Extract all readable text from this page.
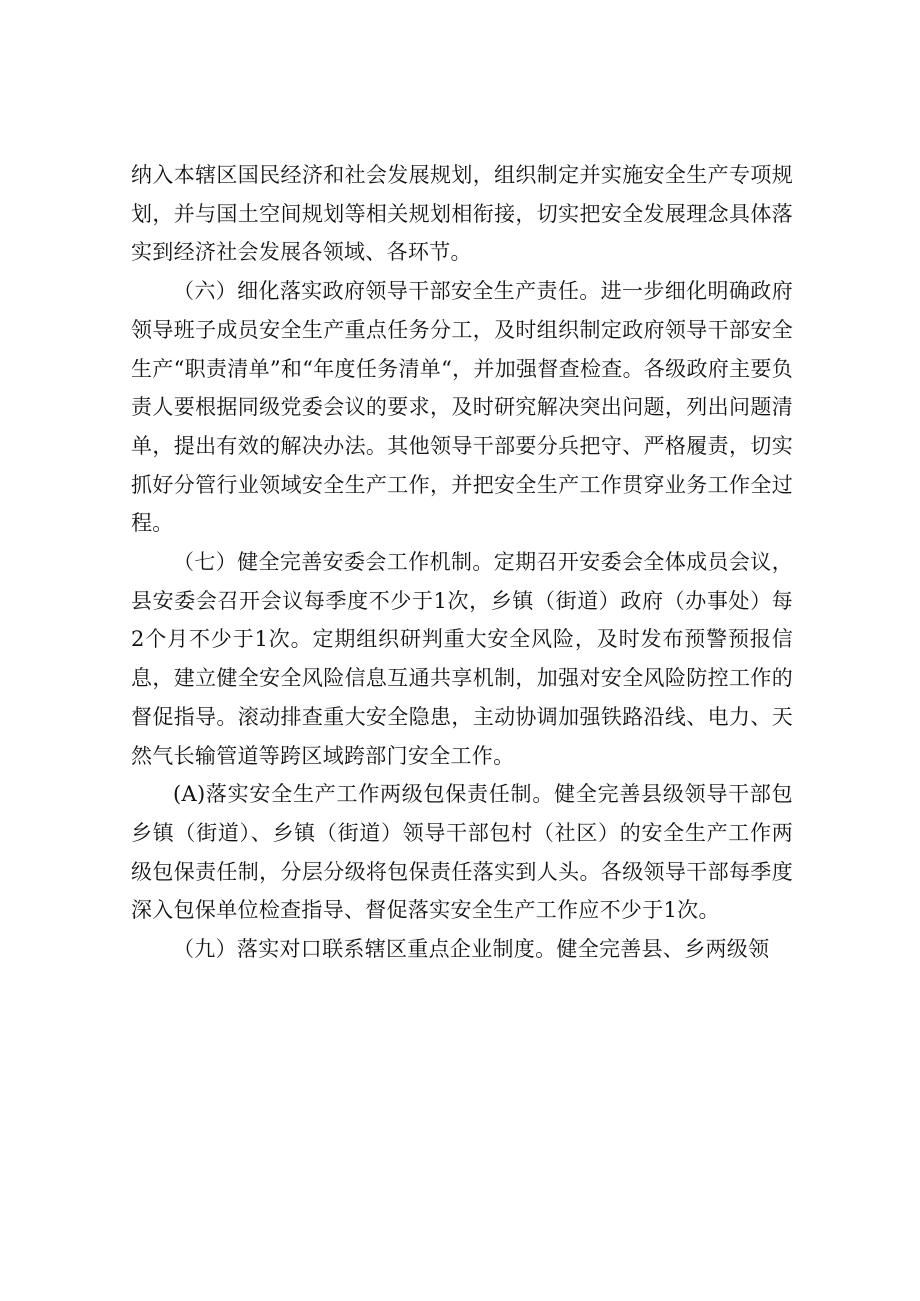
纳入本辖区国民经济和社会发展规划，组织制定并实施安全生产专项规划，并与国土空间规划等相关规划相衔接，切实把安全发展理念具体落实到经济社会发展各领域、各环节。

（六）细化落实政府领导干部安全生产责任。进一步细化明确政府领导班子成员安全生产重点任务分工，及时组织制定政府领导干部安全生产“职责清单”和“年度任务清单“，并加强督查检查。各级政府主要负责人要根据同级党委会议的要求，及时研究解决突出问题，列出问题清单，提出有效的解决办法。其他领导干部要分兵把守、严格履责，切实抓好分管行业领域安全生产工作，并把安全生产工作贯穿业务工作全过程。

（七）健全完善安委会工作机制。定期召开安委会全体成员会议，县安委会召开会议每季度不少于1次，乡镇（街道）政府（办事处）每2个月不少于1次。定期组织研判重大安全风险，及时发布预警预报信息，建立健全安全风险信息互通共享机制，加强对安全风险防控工作的督促指导。滚动排查重大安全隐患，主动协调加强铁路沿线、电力、天然气长输管道等跨区域跨部门安全工作。

(A)落实安全生产工作两级包保责任制。健全完善县级领导干部包乡镇（街道）、乡镇（街道）领导干部包村（社区）的安全生产工作两级包保责任制，分层分级将包保责任落实到人头。各级领导干部每季度深入包保单位检查指导、督促落实安全生产工作应不少于1次。

（九）落实对口联系辖区重点企业制度。健全完善县、乡两级领
